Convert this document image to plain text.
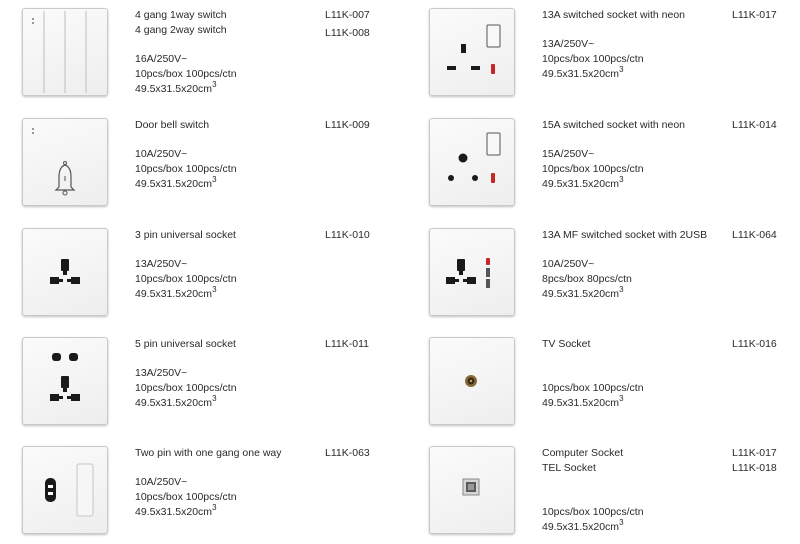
4 gang 1way switch
4 gang 2way switch
16A/250V~
10pcs/box 100pcs/ctn
$49.5x31.5x20cm^3$
L11K-007
L11K-008
Door bell switch
10A/250V~
10pcs/box 100pcs/ctn
$49.5x31.5x20cm^3$
L11K-009
3 pin universal socket
13A/250V~
10pcs/box 100pcs/ctn
$49.5x31.5x20cm^3$
L11K-010
5 pin universal socket
13A/250V~
10pcs/box 100pcs/ctn
$49.5x31.5x20cm^3$
L11K-011
Two pin with one gang one way
10A/250V~
10pcs/box 100pcs/ctn
$49.5x31.5x20cm^3$
L11K-063
13A switched socket with neon
13A/250V~
10pcs/box 100pcs/ctn
$49.5x31.5x20cm^3$
L11K-017
15A switched socket with neon
15A/250V~
10pcs/box 100pcs/ctn
$49.5x31.5x20cm^3$
L11K-014
13A MF switched socket with 2USB
10A/250V~
8pcs/box 80pcs/ctn
$49.5x31.5x20cm^3$
L11K-064
TV Socket
10pcs/box 100pcs/ctn
$49.5x31.5x20cm^3$
L11K-016
Computer Socket
TEL Socket
10pcs/box 100pcs/ctn
$49.5x31.5x20cm^3$
L11K-017
L11K-018
